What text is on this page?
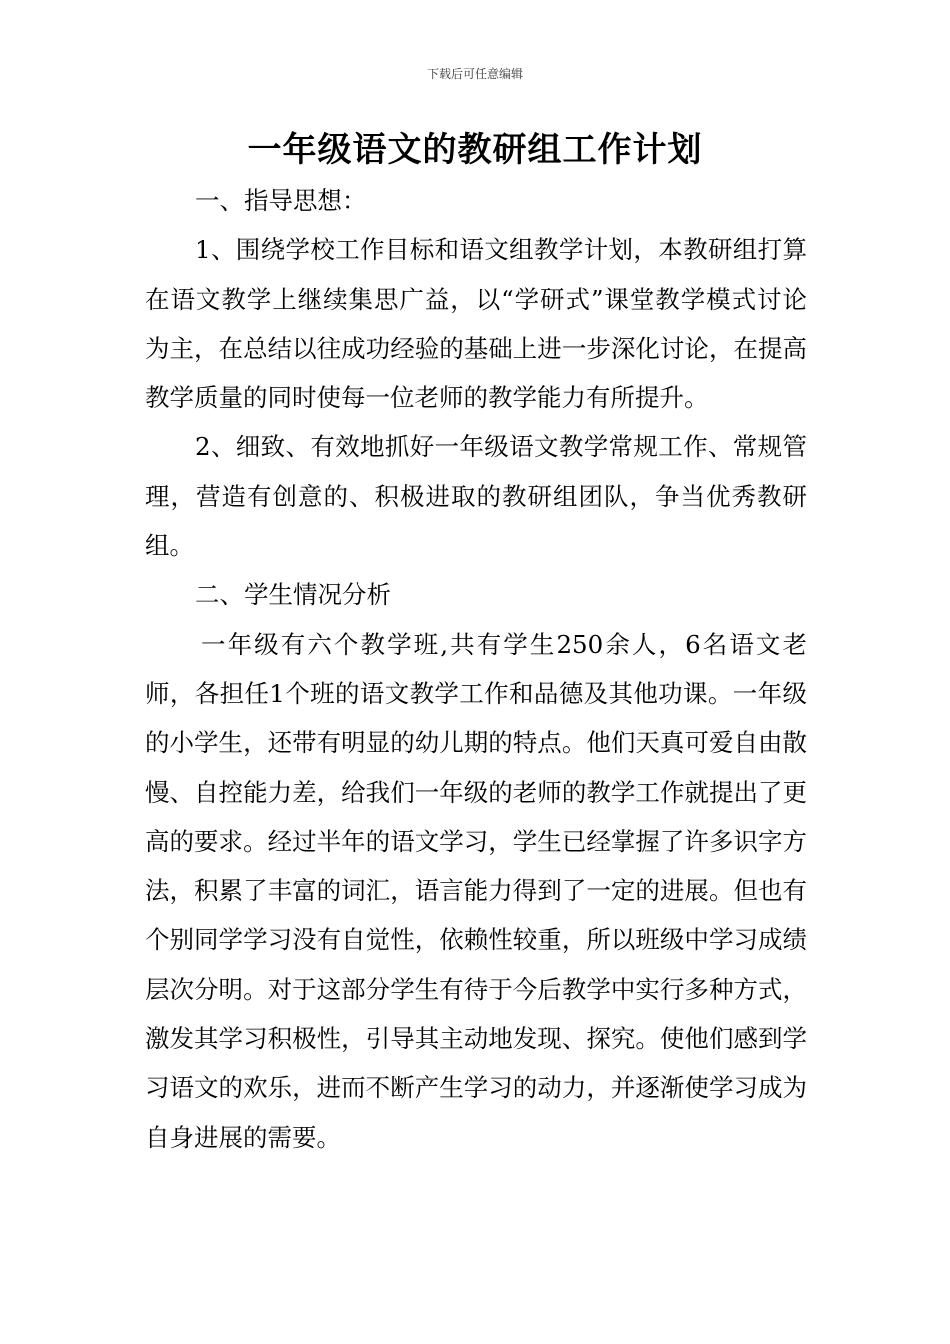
下载后可任意编辑
一年级语文的教研组工作计划

一、指导思想：

1、围绕学校工作目标和语文组教学计划，本教研组打算在语文教学上继续集思广益，以“学研式”课堂教学模式讨论为主，在总结以往成功经验的基础上进一步深化讨论，在提高教学质量的同时使每一位老师的教学能力有所提升。

2、细致、有效地抓好一年级语文教学常规工作、常规管理，营造有创意的、积极进取的教研组团队，争当优秀教研组。

二、学生情况分析

一年级有六个教学班,共有学生250余人，6名语文老师，各担任1个班的语文教学工作和品德及其他功课。一年级的小学生，还带有明显的幼儿期的特点。他们天真可爱自由散慢、自控能力差，给我们一年级的老师的教学工作就提出了更高的要求。经过半年的语文学习，学生已经掌握了许多识字方法，积累了丰富的词汇，语言能力得到了一定的进展。但也有个别同学学习没有自觉性，依赖性较重，所以班级中学习成绩层次分明。对于这部分学生有待于今后教学中实行多种方式，激发其学习积极性，引导其主动地发现、探究。使他们感到学习语文的欢乐，进而不断产生学习的动力，并逐渐使学习成为自身进展的需要。
